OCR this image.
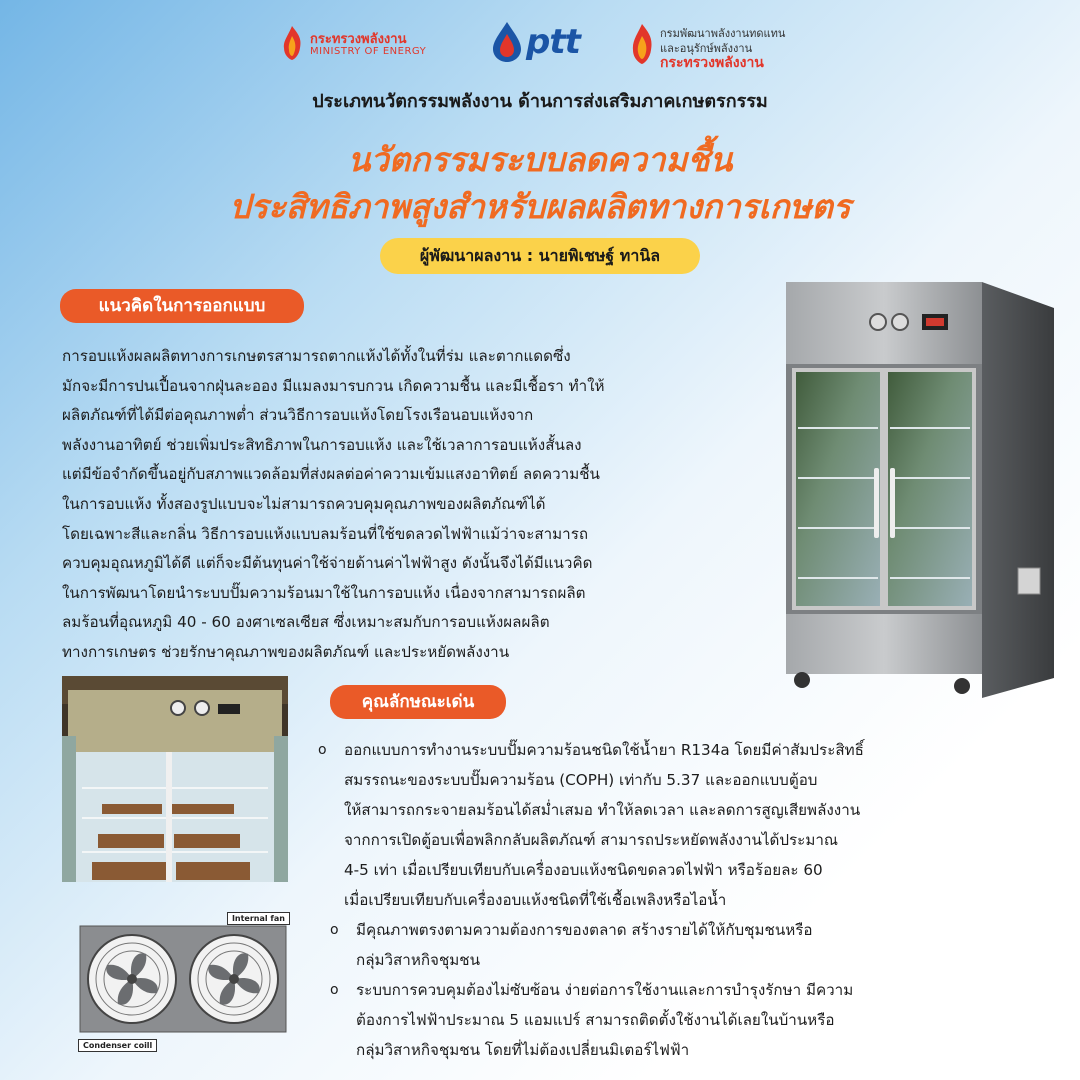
กระทรวงพลังงาน
MINISTRY OF ENERGY	ptt	กรมพัฒนาพลังงานทดแทน
และอนุรักษ์พลังงาน
กระทรวงพลังงาน
ประเภทนวัตกรรมพลังงาน ด้านการส่งเสริมภาคเกษตรกรรม
นวัตกรรมระบบลดความชื้น
ประสิทธิภาพสูงสำหรับผลผลิตทางการเกษตร
ผู้พัฒนาผลงาน : นายพิเชษฐ์ ทานิล
แนวคิดในการออกแบบ
การอบแห้งผลผลิตทางการเกษตรสามารถตากแห้งได้ทั้งในที่ร่ม และตากแดดซึ่ง
มักจะมีการปนเปื้อนจากฝุ่นละออง มีแมลงมารบกวน เกิดความชื้น และมีเชื้อรา ทำให้
ผลิตภัณฑ์ที่ได้มีต่อคุณภาพต่ำ ส่วนวิธีการอบแห้งโดยโรงเรือนอบแห้งจาก
พลังงานอาทิตย์ ช่วยเพิ่มประสิทธิภาพในการอบแห้ง และใช้เวลาการอบแห้งสั้นลง
แต่มีข้อจำกัดขึ้นอยู่กับสภาพแวดล้อมที่ส่งผลต่อค่าความเข้มแสงอาทิตย์ ลดความชื้น
ในการอบแห้ง ทั้งสองรูปแบบจะไม่สามารถควบคุมคุณภาพของผลิตภัณฑ์ได้
โดยเฉพาะสีและกลิ่น วิธีการอบแห้งแบบลมร้อนที่ใช้ขดลวดไฟฟ้าแม้ว่าจะสามารถ
ควบคุมอุณหภูมิได้ดี แต่ก็จะมีต้นทุนค่าใช้จ่ายด้านค่าไฟฟ้าสูง ดังนั้นจึงได้มีแนวคิด
ในการพัฒนาโดยนำระบบปั๊มความร้อนมาใช้ในการอบแห้ง เนื่องจากสามารถผลิต
ลมร้อนที่อุณหภูมิ 40 - 60 องศาเซลเซียส ซึ่งเหมาะสมกับการอบแห้งผลผลิต
ทางการเกษตร ช่วยรักษาคุณภาพของผลิตภัณฑ์ และประหยัดพลังงาน
Internal fan
Condenser coill
คุณลักษณะเด่น
o ออกแบบการทำงานระบบปั๊มความร้อนชนิดใช้น้ำยา R134a โดยมีค่าสัมประสิทธิ์
สมรรถนะของระบบปั๊มความร้อน (COPH) เท่ากับ 5.37 และออกแบบตู้อบ
ให้สามารถกระจายลมร้อนได้สม่ำเสมอ ทำให้ลดเวลา และลดการสูญเสียพลังงาน
จากการเปิดตู้อบเพื่อพลิกกลับผลิตภัณฑ์ สามารถประหยัดพลังงานได้ประมาณ
4-5 เท่า เมื่อเปรียบเทียบกับเครื่องอบแห้งชนิดขดลวดไฟฟ้า หรือร้อยละ 60
เมื่อเปรียบเทียบกับเครื่องอบแห้งชนิดที่ใช้เชื้อเพลิงหรือไอน้ำ
o มีคุณภาพตรงตามความต้องการของตลาด สร้างรายได้ให้กับชุมชนหรือ
กลุ่มวิสาหกิจชุมชน
o ระบบการควบคุมต้องไม่ซับซ้อน ง่ายต่อการใช้งานและการบำรุงรักษา มีความ
ต้องการไฟฟ้าประมาณ 5 แอมแปร์ สามารถติดตั้งใช้งานได้เลยในบ้านหรือ
กลุ่มวิสาหกิจชุมชน โดยที่ไม่ต้องเปลี่ยนมิเตอร์ไฟฟ้า
